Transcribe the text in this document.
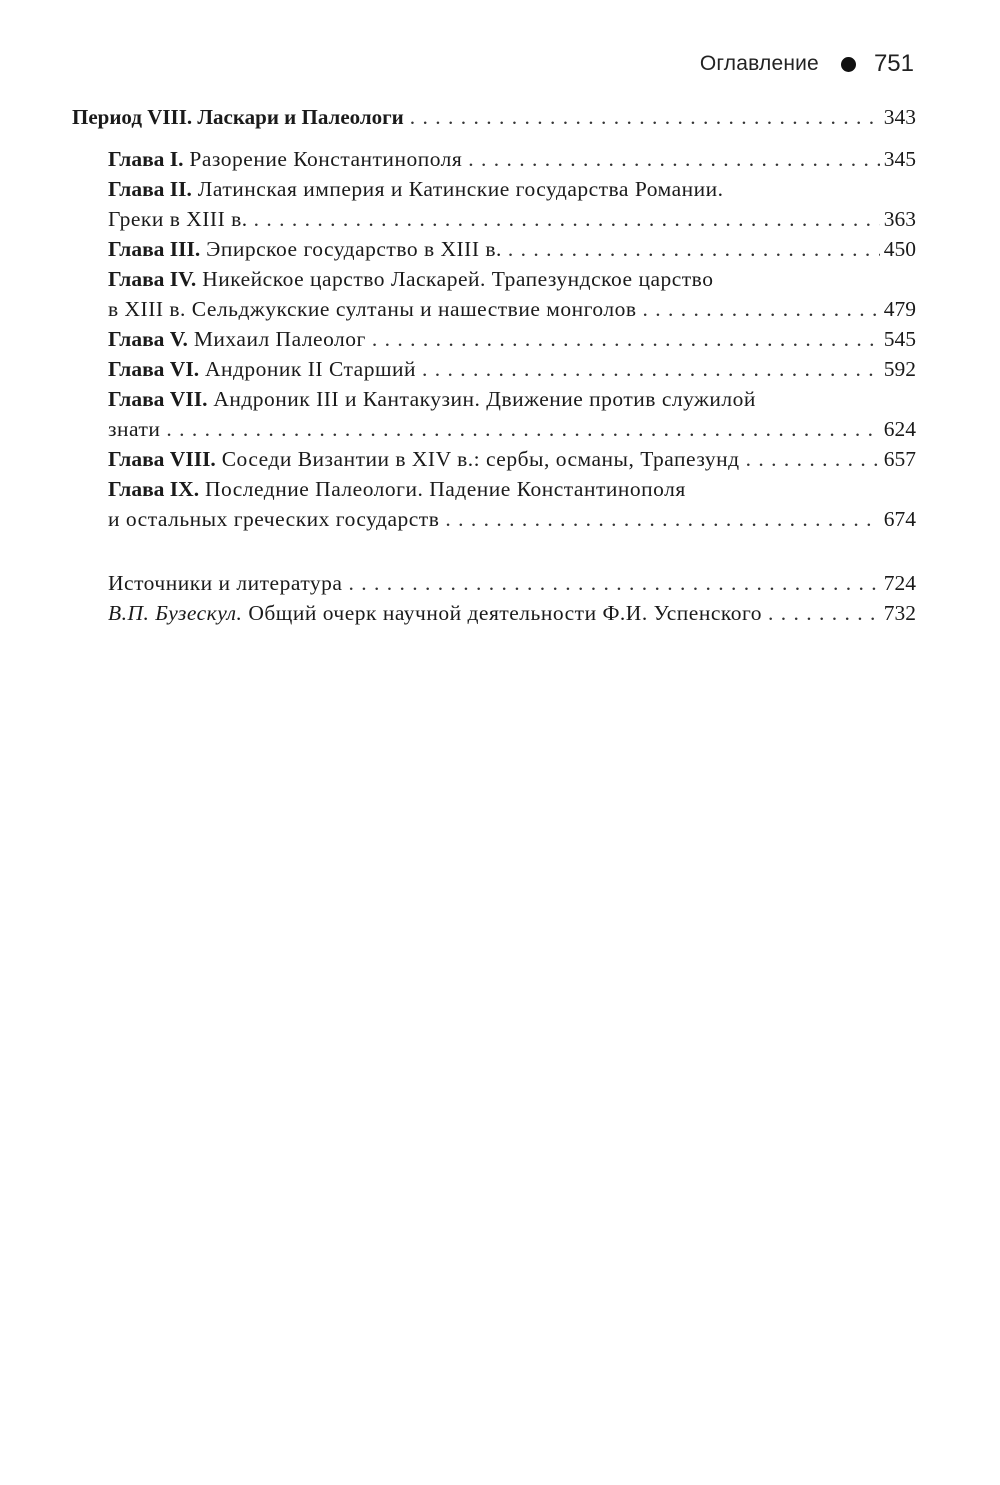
Оглавление 751
Период VIII. Ласкари и Палеологи . . .	343
Глава I. Разорение Константинополя . . .	345
Глава II. Латинская империя и Катинские государства Романии.
Греки в XIII в. . . .	363
Глава III. Эпирское государство в XIII в. . . .	450
Глава IV. Никейское царство Ласкарей. Трапезундское царство
в XIII в. Сельджукские султаны и нашествие монголов . . .	479
Глава V. Михаил Палеолог . . .	545
Глава VI. Андроник II Старший . . .	592
Глава VII. Андроник III и Кантакузин. Движение против служилой
знати . . .	624
Глава VIII. Соседи Византии в XIV в.: сербы, османы, Трапезунд . . .	657
Глава IX. Последние Палеологи. Падение Константинополя
и остальных греческих государств . . .	674
Источники и литература . . .	724
В.П. Бузескул. Общий очерк научной деятельности Ф.И. Успенского . . .	732
